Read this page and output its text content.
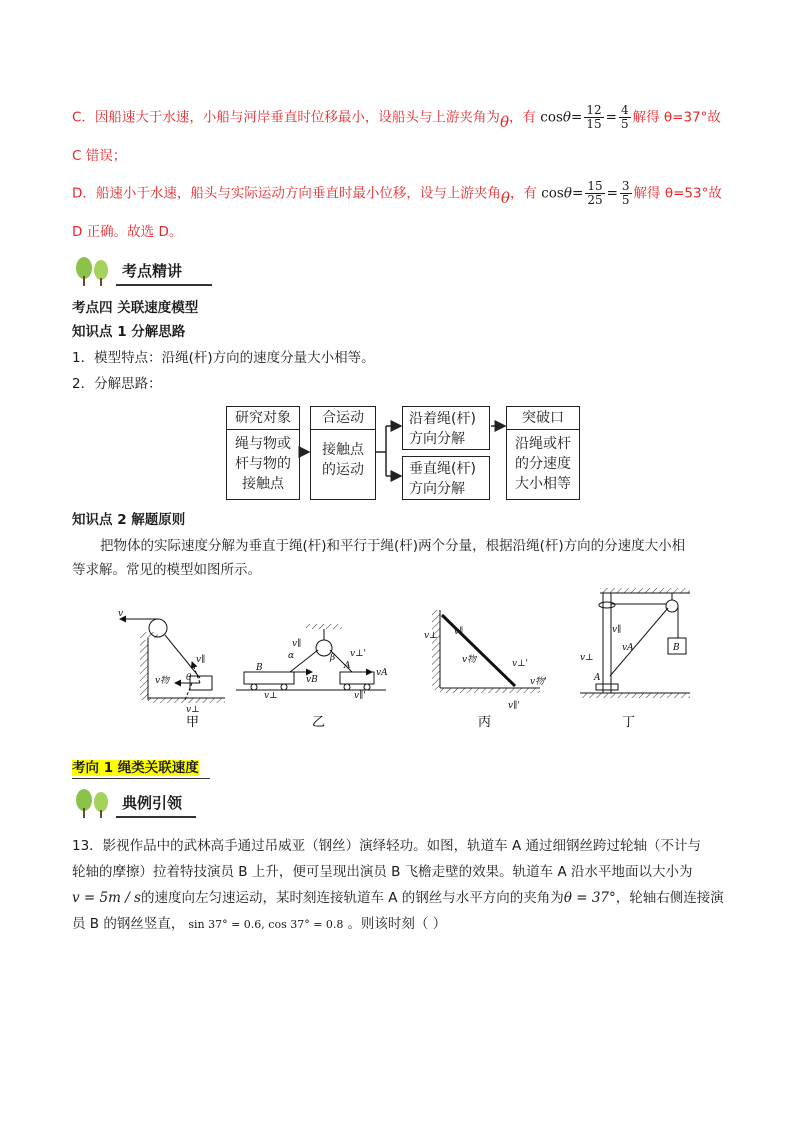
C．因船速大于水速，小船与河岸垂直时位移最小，设船头与上游夹角为θ，有 $\cos\theta= \frac{12}{15} = \frac{4}{5}$ 解得 θ=37°故
C 错误；
D．船速小于水速，船头与实际运动方向垂直时最小位移，设与上游夹角θ，有 $\cos\theta= \frac{15}{25} = \frac{3}{5}$ 解得 θ=53°故
D 正确。故选 D。
考点精讲
考点四 关联速度模型
知识点 1 分解思路
1．模型特点：沿绳(杆)方向的速度分量大小相等。
2．分解思路：
研究对象
绳与物或
杆与物的
接触点
合运动
接触点
的运动
沿着绳(杆)
方向分解
垂直绳(杆)
方向分解
突破口
沿绳或杆
的分速度
大小相等
知识点 2 解题原则
把物体的实际速度分解为垂直于绳(杆)和平行于绳(杆)两个分量，根据沿绳(杆)方向的分速度大小相
等求解。常见的模型如图所示。
v
v物
v∥
θ
v⊥
甲
B
α
vB
v∥
v⊥
A
β v⊥'
vA
v∥'
乙
v⊥ v∥
v物	v⊥'
v物'
v∥'
丙
B
vA
v∥
v⊥
A
丁
考向 1 绳类关联速度
典例引领
13．影视作品中的武林高手通过吊威亚（钢丝）演绎轻功。如图，轨道车 A 通过细钢丝跨过轮轴（不计与
轮轴的摩擦）拉着特技演员 B 上升，便可呈现出演员 B 飞檐走壁的效果。轨道车 A 沿水平地面以大小为
v = 5m / s的速度向左匀速运动，某时刻连接轨道车 A 的钢丝与水平方向的夹角为θ = 37°，轮轴右侧连接演
员 B 的钢丝竖直， sin 37° = 0.6, cos 37° = 0.8 。则该时刻（ ）
